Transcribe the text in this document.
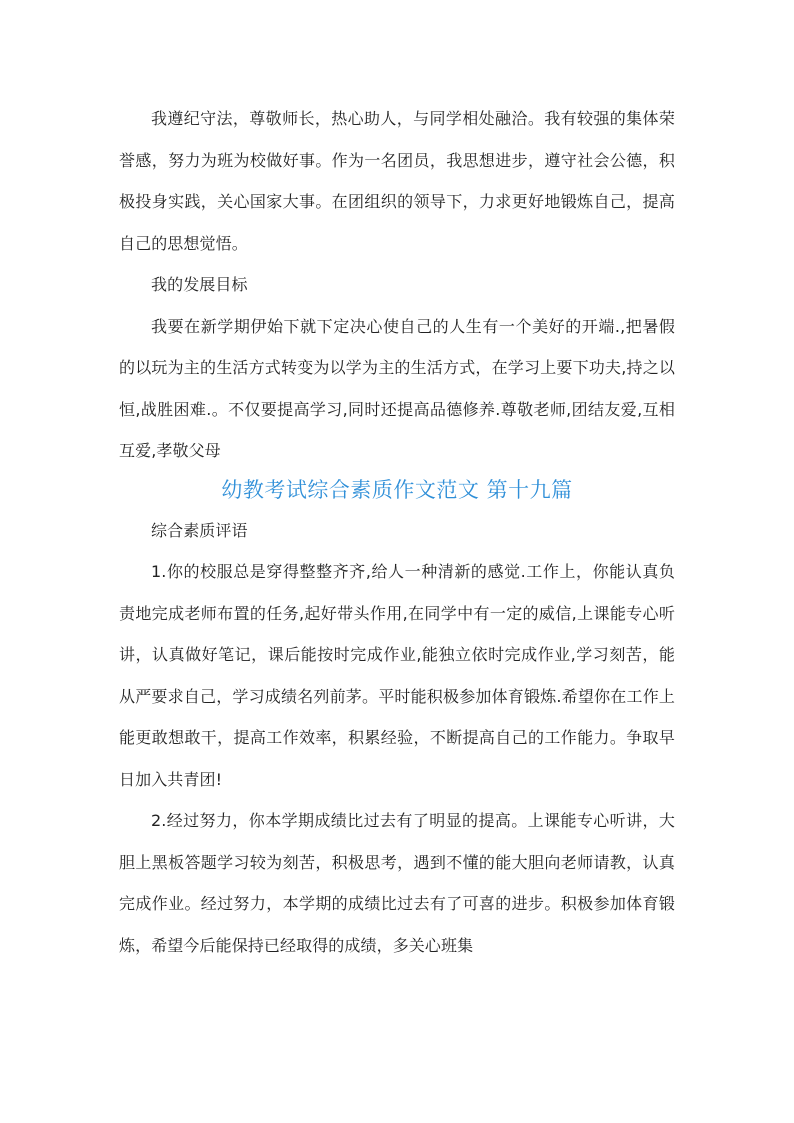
我遵纪守法，尊敬师长，热心助人，与同学相处融洽。我有较强的集体荣誉感，努力为班为校做好事。作为一名团员，我思想进步，遵守社会公德，积极投身实践，关心国家大事。在团组织的领导下，力求更好地锻炼自己，提高自己的思想觉悟。

我的发展目标

我要在新学期伊始下就下定决心使自己的人生有一个美好的开端.,把暑假的以玩为主的生活方式转变为以学为主的生活方式，在学习上要下功夫,持之以恒,战胜困难.。不仅要提高学习,同时还提高品德修养.尊敬老师,团结友爱,互相互爱,孝敬父母

幼教考试综合素质作文范文 第十九篇

综合素质评语

1.你的校服总是穿得整整齐齐,给人一种清新的感觉.工作上，你能认真负责地完成老师布置的任务,起好带头作用,在同学中有一定的威信,上课能专心听讲，认真做好笔记，课后能按时完成作业,能独立依时完成作业,学习刻苦，能从严要求自己，学习成绩名列前茅。平时能积极参加体育锻炼.希望你在工作上能更敢想敢干，提高工作效率，积累经验，不断提高自己的工作能力。争取早日加入共青团!

2.经过努力，你本学期成绩比过去有了明显的提高。上课能专心听讲，大胆上黑板答题学习较为刻苦，积极思考，遇到不懂的能大胆向老师请教，认真完成作业。经过努力，本学期的成绩比过去有了可喜的进步。积极参加体育锻炼，希望今后能保持已经取得的成绩，多关心班集
